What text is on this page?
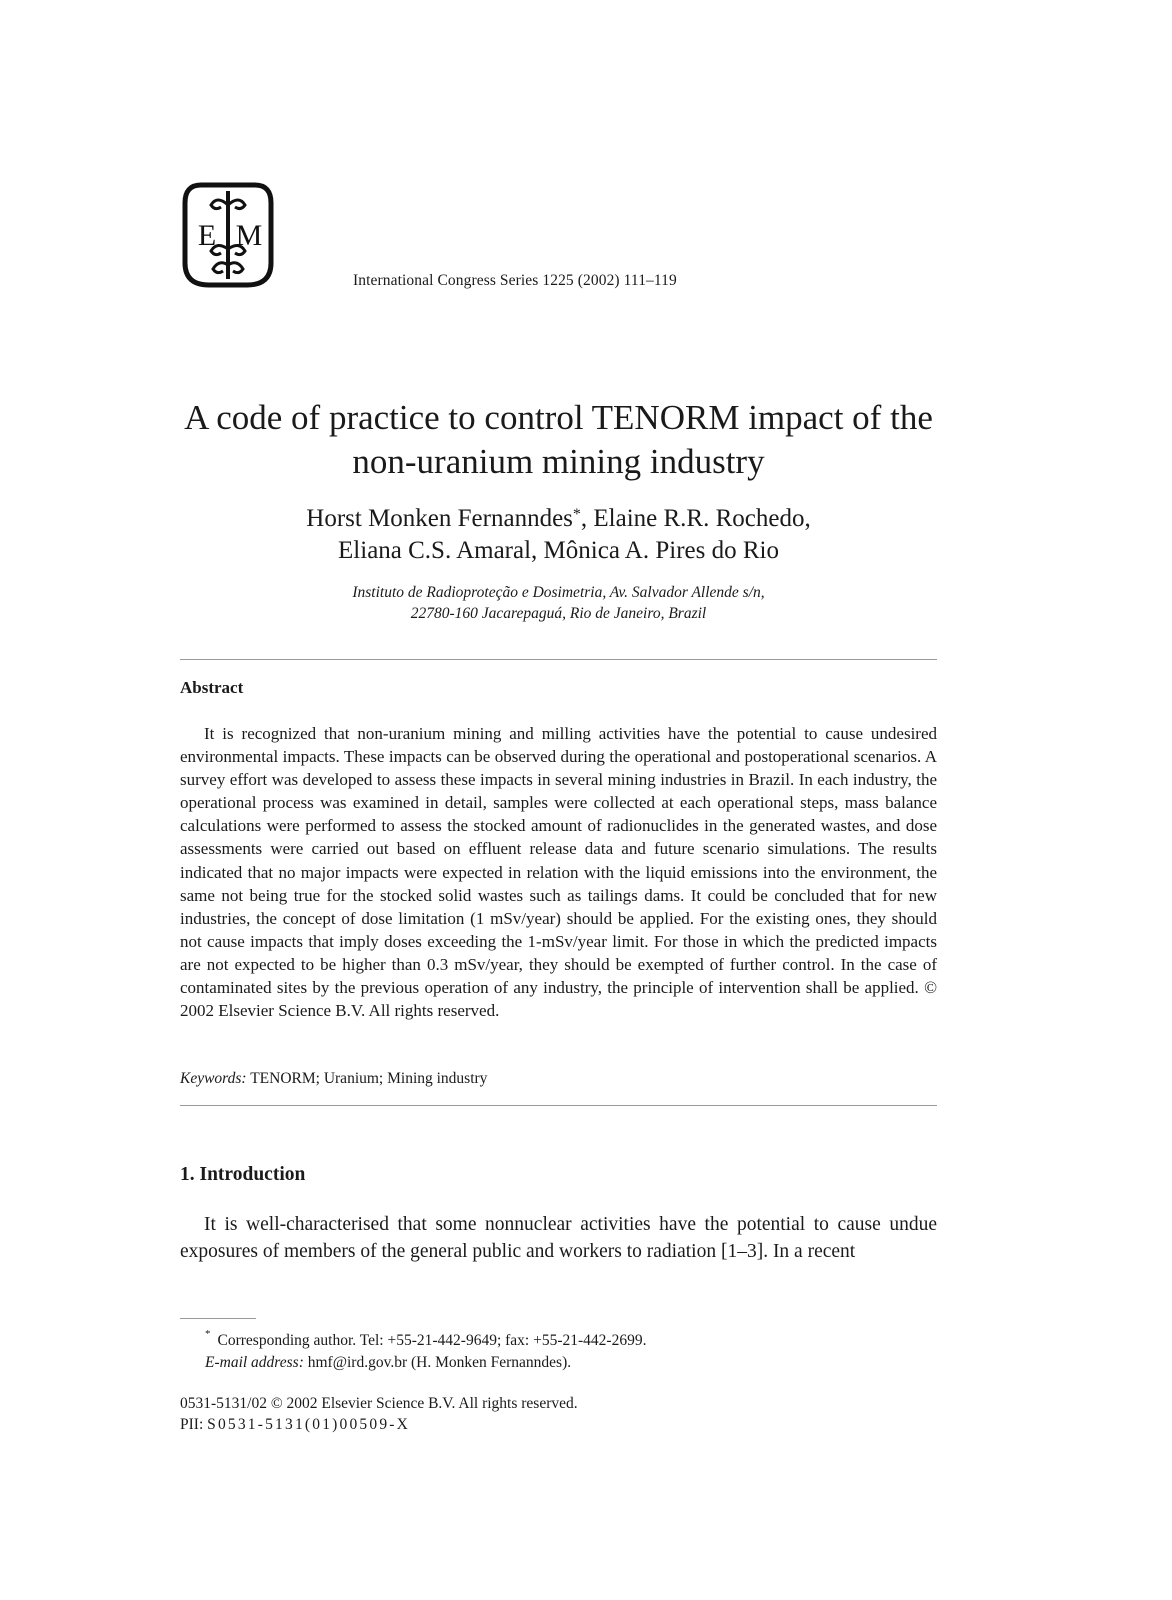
E M
International Congress Series 1225 (2002) 111–119
A code of practice to control TENORM impact of the
non-uranium mining industry
Horst Monken Fernanndes*, Elaine R.R. Rochedo,
Eliana C.S. Amaral, Mônica A. Pires do Rio
Instituto de Radioproteção e Dosimetria, Av. Salvador Allende s/n,
22780-160 Jacarepaguá, Rio de Janeiro, Brazil
Abstract

It is recognized that non-uranium mining and milling activities have the potential to cause undesired environmental impacts. These impacts can be observed during the operational and postoperational scenarios. A survey effort was developed to assess these impacts in several mining industries in Brazil. In each industry, the operational process was examined in detail, samples were collected at each operational steps, mass balance calculations were performed to assess the stocked amount of radionuclides in the generated wastes, and dose assessments were carried out based on effluent release data and future scenario simulations. The results indicated that no major impacts were expected in relation with the liquid emissions into the environment, the same not being true for the stocked solid wastes such as tailings dams. It could be concluded that for new industries, the concept of dose limitation (1 mSv/year) should be applied. For the existing ones, they should not cause impacts that imply doses exceeding the 1-mSv/year limit. For those in which the predicted impacts are not expected to be higher than 0.3 mSv/year, they should be exempted of further control. In the case of contaminated sites by the previous operation of any industry, the principle of intervention shall be applied. © 2002 Elsevier Science B.V. All rights reserved.

Keywords: TENORM; Uranium; Mining industry
1. Introduction

It is well-characterised that some nonnuclear activities have the potential to cause undue exposures of members of the general public and workers to radiation [1–3]. In a recent

* Corresponding author. Tel: +55-21-442-9649; fax: +55-21-442-2699.
E-mail address: hmf@ird.gov.br (H. Monken Fernanndes).
0531-5131/02 © 2002 Elsevier Science B.V. All rights reserved.
PII: S0531-5131(01)00509-X
